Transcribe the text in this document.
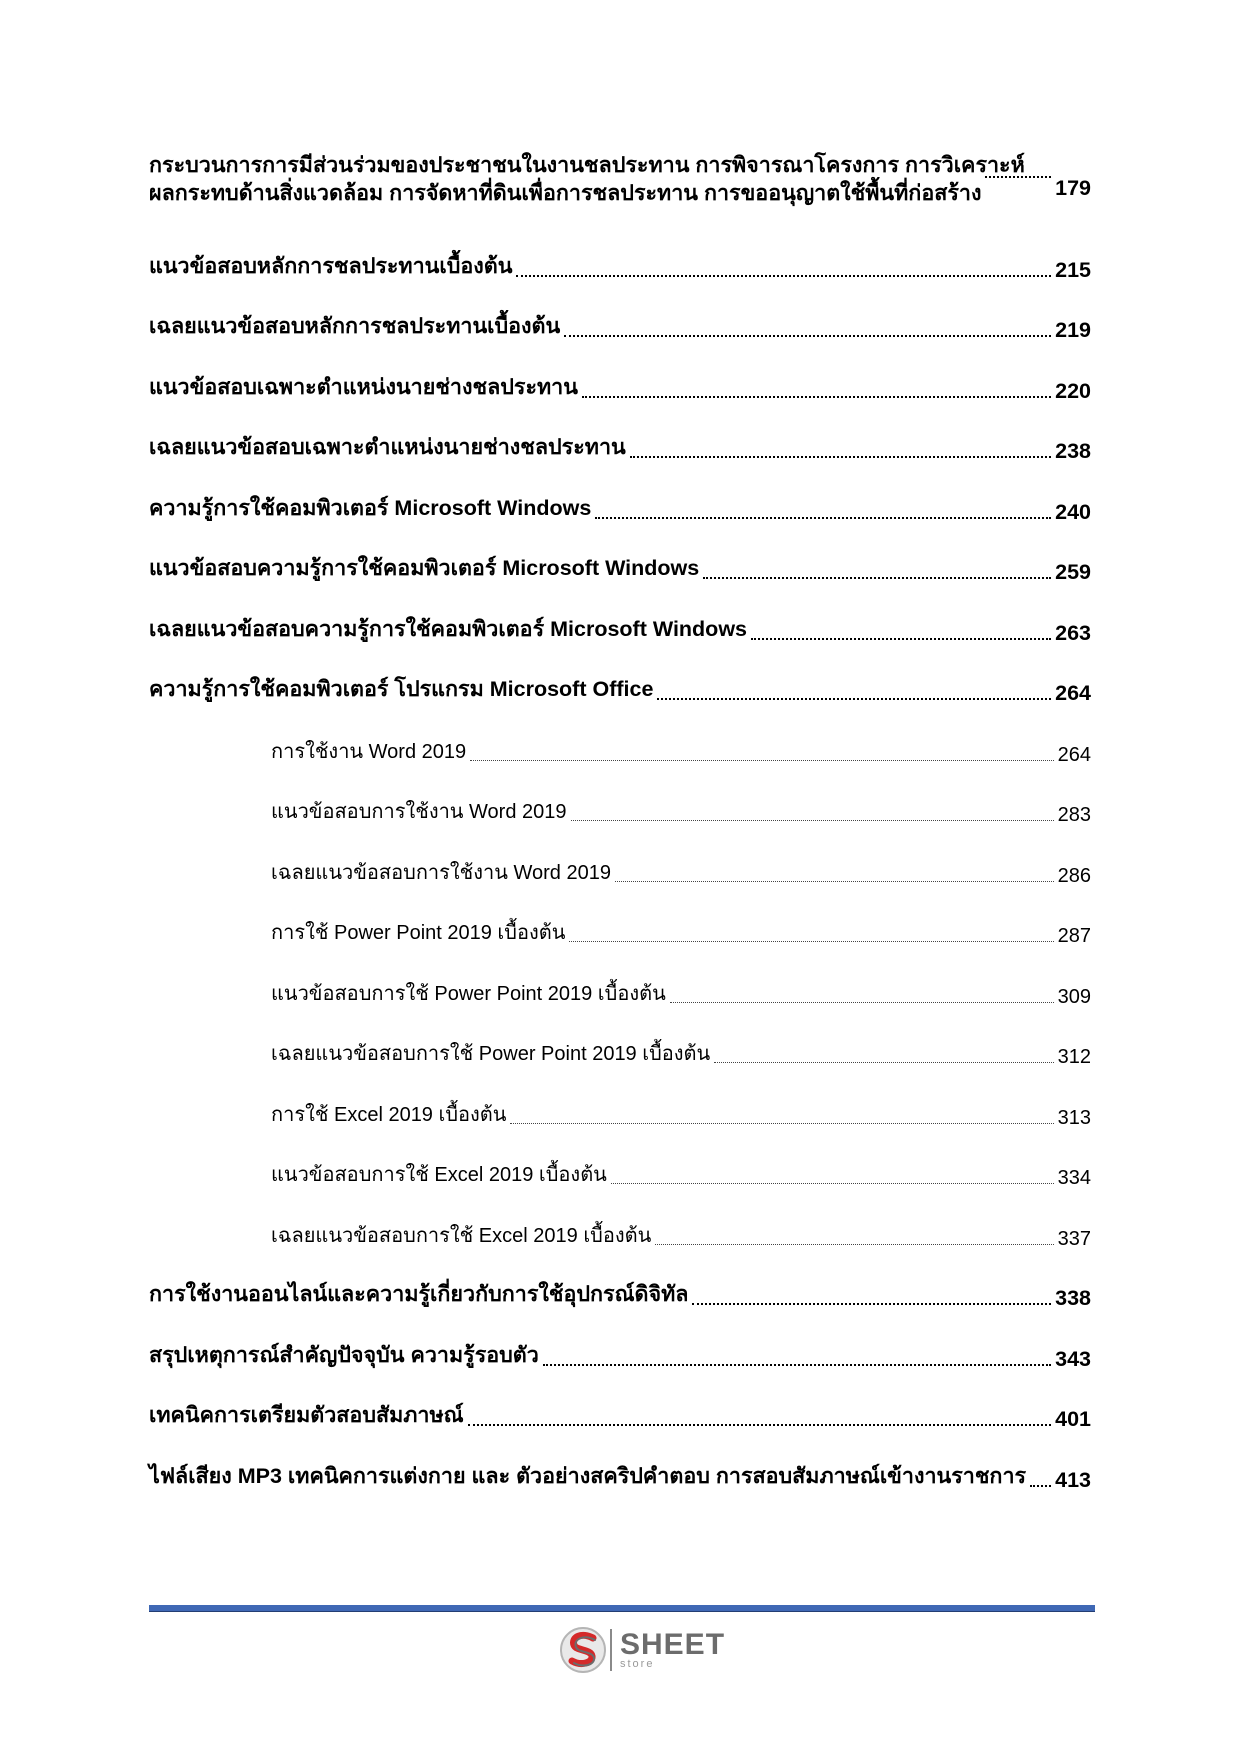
กระบวนการการมีส่วนร่วมของประชาชนในงานชลประทาน การพิจารณาโครงการ การวิเคราะห์
ผลกระทบด้านสิ่งแวดล้อม การจัดหาที่ดินเพื่อการชลประทาน การขออนุญาตใช้พื้นที่ก่อสร้าง	179
แนวข้อสอบหลักการชลประทานเบื้องต้น	215
เฉลยแนวข้อสอบหลักการชลประทานเบื้องต้น	219
แนวข้อสอบเฉพาะตำแหน่งนายช่างชลประทาน	220
เฉลยแนวข้อสอบเฉพาะตำแหน่งนายช่างชลประทาน	238
ความรู้การใช้คอมพิวเตอร์ Microsoft Windows	240
แนวข้อสอบความรู้การใช้คอมพิวเตอร์ Microsoft Windows	259
เฉลยแนวข้อสอบความรู้การใช้คอมพิวเตอร์ Microsoft Windows	263
ความรู้การใช้คอมพิวเตอร์ โปรแกรม Microsoft Office	264
การใช้งาน Word 2019	264
แนวข้อสอบการใช้งาน Word 2019	283
เฉลยแนวข้อสอบการใช้งาน Word 2019	286
การใช้ Power Point 2019 เบื้องต้น	287
แนวข้อสอบการใช้ Power Point 2019 เบื้องต้น	309
เฉลยแนวข้อสอบการใช้ Power Point 2019 เบื้องต้น	312
การใช้ Excel 2019 เบื้องต้น	313
แนวข้อสอบการใช้ Excel 2019 เบื้องต้น	334
เฉลยแนวข้อสอบการใช้ Excel 2019 เบื้องต้น	337
การใช้งานออนไลน์และความรู้เกี่ยวกับการใช้อุปกรณ์ดิจิทัล	338
สรุปเหตุการณ์สำคัญปัจจุบัน ความรู้รอบตัว	343
เทคนิคการเตรียมตัวสอบสัมภาษณ์	401
ไฟล์เสียง MP3 เทคนิคการแต่งกาย และ ตัวอย่างสคริปคำตอบ การสอบสัมภาษณ์เข้างานราชการ 413
SHEET
store
